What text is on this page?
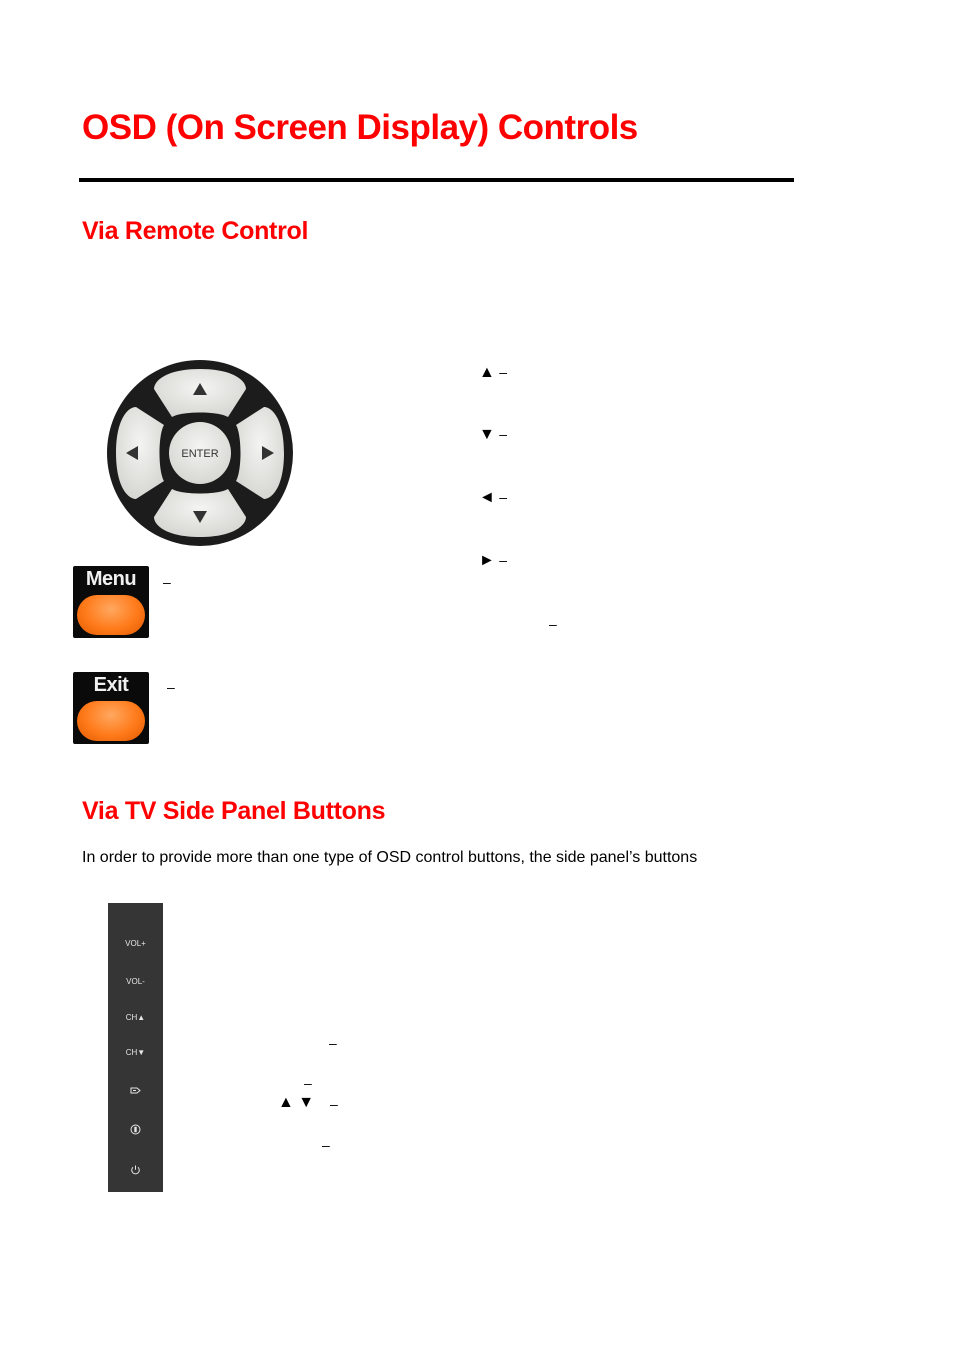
OSD (On Screen Display) Controls
Via Remote Control
ENTER
Menu	–
Exit	–
▲ –
▼ –
◄ –
► –
–
Via TV Side Panel Buttons
In order to provide more than one type of OSD control buttons, the side panel’s buttons
VOL+
VOL-
CH▲
CH▼
–
–
▲ ▼ –
–
